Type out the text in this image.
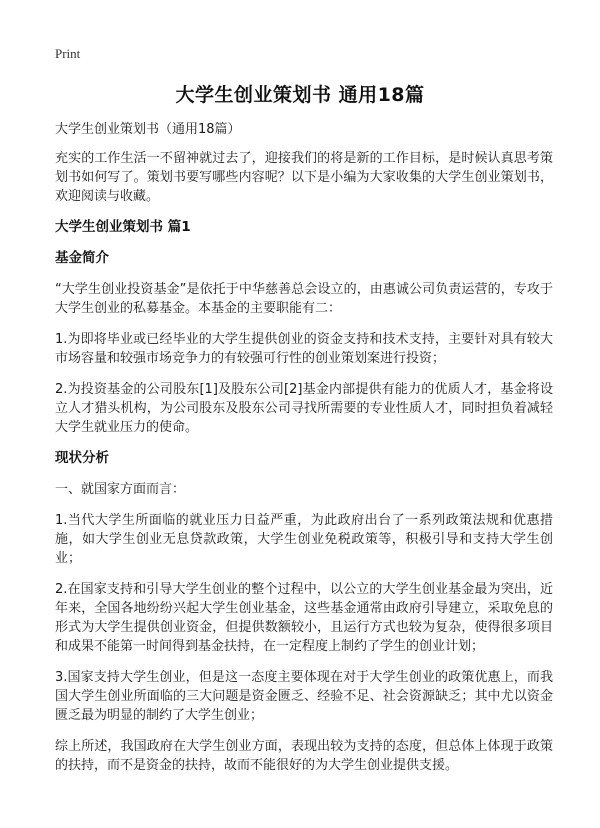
Print
大学生创业策划书 通用18篇

大学生创业策划书（通用18篇）

充实的工作生活一不留神就过去了，迎接我们的将是新的工作目标，是时候认真思考策划书如何写了。策划书要写哪些内容呢？以下是小编为大家收集的大学生创业策划书，欢迎阅读与收藏。

大学生创业策划书 篇1

基金简介

“大学生创业投资基金”是依托于中华慈善总会设立的，由惠诚公司负责运营的，专攻于大学生创业的私募基金。本基金的主要职能有二：

1.为即将毕业或已经毕业的大学生提供创业的资金支持和技术支持，主要针对具有较大市场容量和较强市场竞争力的有较强可行性的创业策划案进行投资；

2.为投资基金的公司股东[1]及股东公司[2]基金内部提供有能力的优质人才，基金将设立人才猎头机构，为公司股东及股东公司寻找所需要的专业性质人才，同时担负着减轻大学生就业压力的使命。

现状分析

一、就国家方面而言：

1.当代大学生所面临的就业压力日益严重，为此政府出台了一系列政策法规和优惠措施，如大学生创业无息贷款政策，大学生创业免税政策等，积极引导和支持大学生创业；

2.在国家支持和引导大学生创业的整个过程中，以公立的大学生创业基金最为突出，近年来，全国各地纷纷兴起大学生创业基金，这些基金通常由政府引导建立，采取免息的形式为大学生提供创业资金，但提供数额较小，且运行方式也较为复杂，使得很多项目和成果不能第一时间得到基金扶持，在一定程度上制约了学生的创业计划；

3.国家支持大学生创业，但是这一态度主要体现在对于大学生创业的政策优惠上，而我国大学生创业所面临的三大问题是资金匮乏、经验不足、社会资源缺乏；其中尤以资金匮乏最为明显的制约了大学生创业；

综上所述，我国政府在大学生创业方面，表现出较为支持的态度，但总体上体现于政策的扶持，而不是资金的扶持，故而不能很好的为大学生创业提供支援。
